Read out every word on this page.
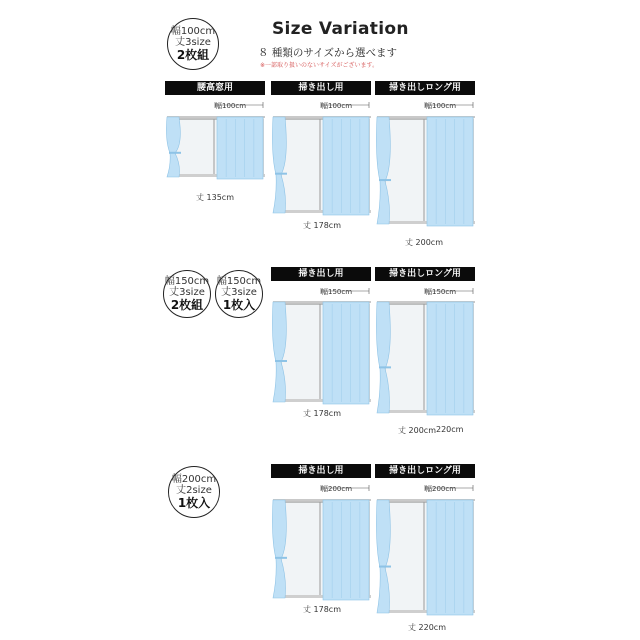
幅100cm
丈3size
2枚組
Size Variation
８ 種類のサイズから選べます
※一部取り扱いのないサイズがございます。
幅150cm
丈3size
2枚組
幅150cm
丈3size
1枚入
幅200cm
丈2size
1枚入
腰高窓用
幅100cm
丈 135cm
掃き出し用
幅100cm
丈 178cm
掃き出しロング用
幅100cm
丈 200cm
掃き出し用
幅150cm
丈 178cm
掃き出しロング用
幅150cm
丈 200cm 220cm
掃き出し用
幅200cm
丈 178cm
掃き出しロング用
幅200cm
丈 220cm
